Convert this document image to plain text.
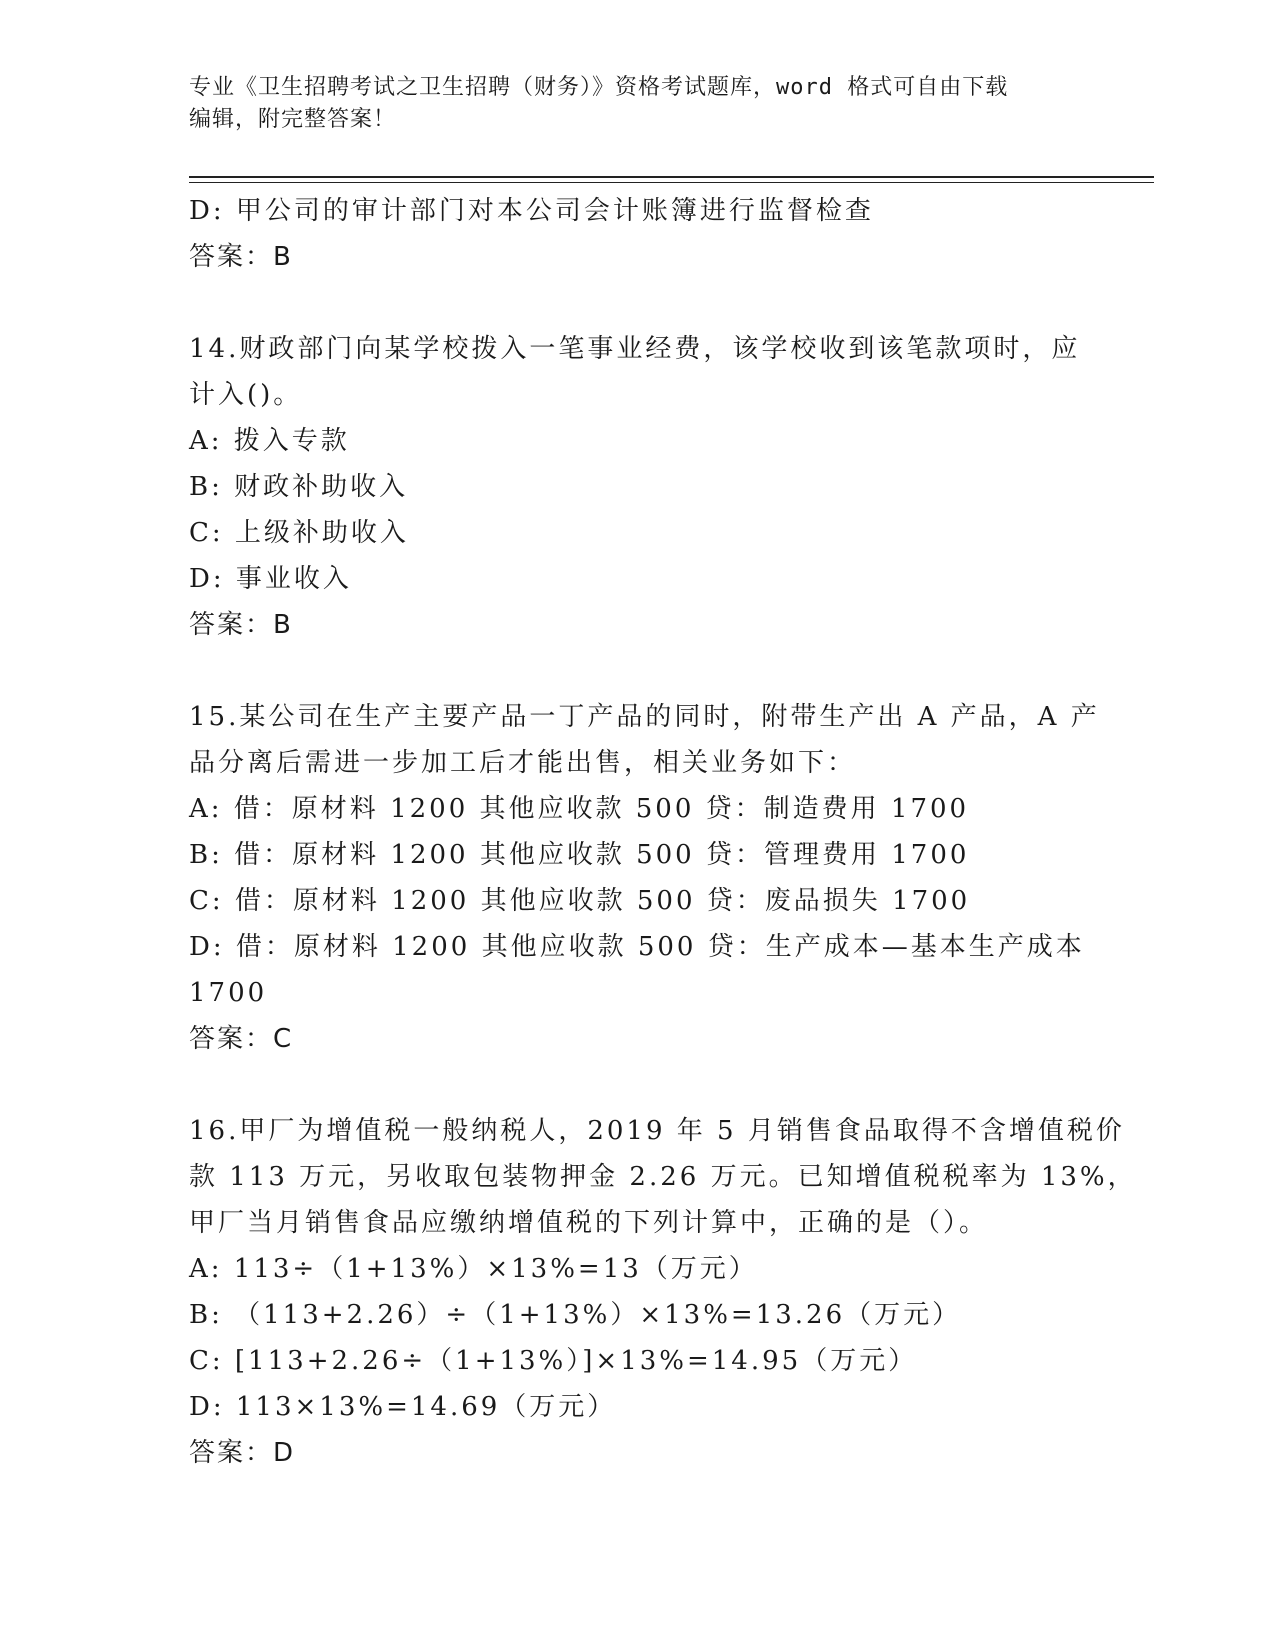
专业《卫生招聘考试之卫生招聘（财务）》资格考试题库，word 格式可自由下载
编辑，附完整答案！
D: 甲公司的审计部门对本公司会计账簿进行监督检查
答案：B
14.财政部门向某学校拨入一笔事业经费，该学校收到该笔款项时，应
计入()。
A: 拨入专款
B: 财政补助收入
C: 上级补助收入
D: 事业收入
答案：B
15.某公司在生产主要产品一丁产品的同时，附带生产出 A 产品，A 产
品分离后需进一步加工后才能出售，相关业务如下：
A: 借：原材料 1200 其他应收款 500 贷：制造费用 1700
B: 借：原材料 1200 其他应收款 500 贷：管理费用 1700
C: 借：原材料 1200 其他应收款 500 贷：废品损失 1700
D: 借：原材料 1200 其他应收款 500 贷：生产成本—基本生产成本
1700
答案：C
16.甲厂为增值税一般纳税人，2019 年 5 月销售食品取得不含增值税价
款 113 万元，另收取包装物押金 2.26 万元。已知增值税税率为 13%，
甲厂当月销售食品应缴纳增值税的下列计算中，正确的是（）。
A: 113÷（1+13%）×13%=13（万元）
B: （113+2.26）÷（1+13%）×13%=13.26（万元）
C: [113+2.26÷（1+13%）]×13%=14.95（万元）
D: 113×13%=14.69（万元）
答案：D
